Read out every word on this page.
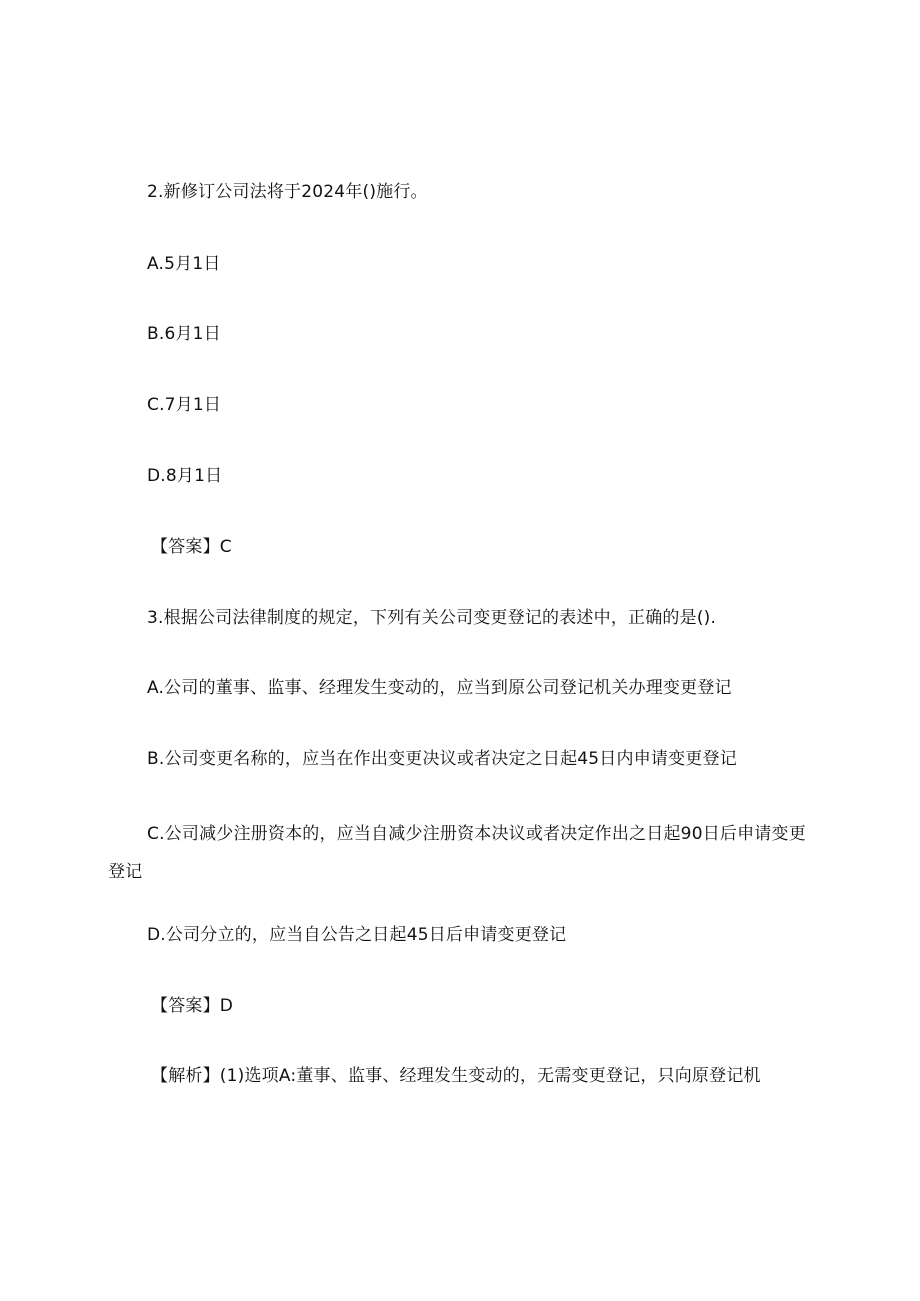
2.新修订公司法将于2024年()施行。
A.5月1日
B.6月1日
C.7月1日
D.8月1日
【答案】C
3.根据公司法律制度的规定，下列有关公司变更登记的表述中，正确的是().
A.公司的董事、监事、经理发生变动的，应当到原公司登记机关办理变更登记
B.公司变更名称的，应当在作出变更决议或者决定之日起45日内申请变更登记
C.公司减少注册资本的，应当自减少注册资本决议或者决定作出之日起90日后申请变更登记
D.公司分立的，应当自公告之日起45日后申请变更登记
【答案】D
【解析】(1)选项A:董事、监事、经理发生变动的，无需变更登记，只向原登记机
